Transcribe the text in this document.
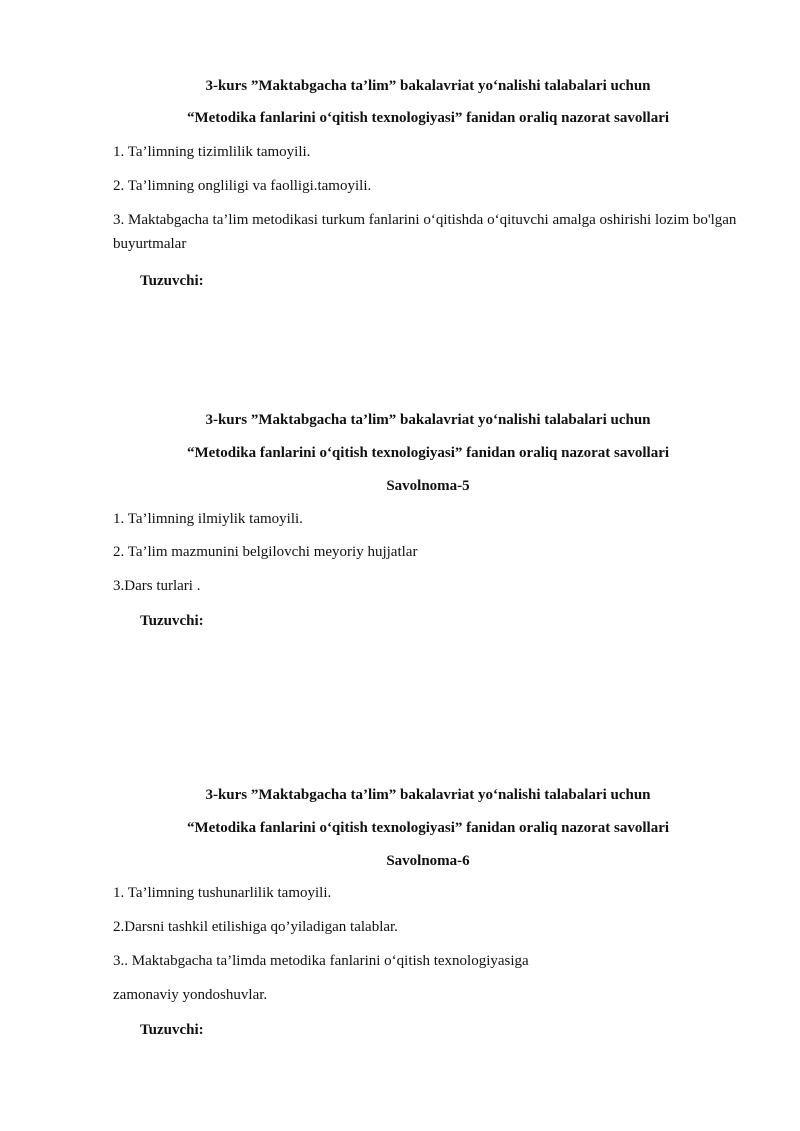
3-kurs ”Maktabgacha ta’lim” bakalavriat yo‘nalishi talabalari uchun
“Metodika fanlarini o‘qitish texnologiyasi” fanidan oraliq nazorat savollari
1. Ta’limning tizimlilik tamoyili.
2. Ta’limning ongliligi va faolligi.tamoyili.
3. Maktabgacha ta’lim metodikasi turkum fanlarini o‘qitishda o‘qituvchi amalga oshirishi lozim bo'lgan buyurtmalar
Tuzuvchi:
3-kurs ”Maktabgacha ta’lim” bakalavriat yo‘nalishi talabalari uchun
“Metodika fanlarini o‘qitish texnologiyasi” fanidan oraliq nazorat savollari
Savolnoma-5
1. Ta’limning ilmiylik tamoyili.
2. Ta’lim mazmunini belgilovchi meyoriy hujjatlar
3.Dars turlari .
Tuzuvchi:
3-kurs ”Maktabgacha ta’lim” bakalavriat yo‘nalishi talabalari uchun
“Metodika fanlarini o‘qitish texnologiyasi” fanidan oraliq nazorat savollari
Savolnoma-6
1. Ta’limning tushunarlilik tamoyili.
2.Darsni tashkil etilishiga qo’yiladigan talablar.
3.. Maktabgacha ta’limda metodika fanlarini o‘qitish texnologiyasiga
zamonaviy yondoshuvlar.
Tuzuvchi:
